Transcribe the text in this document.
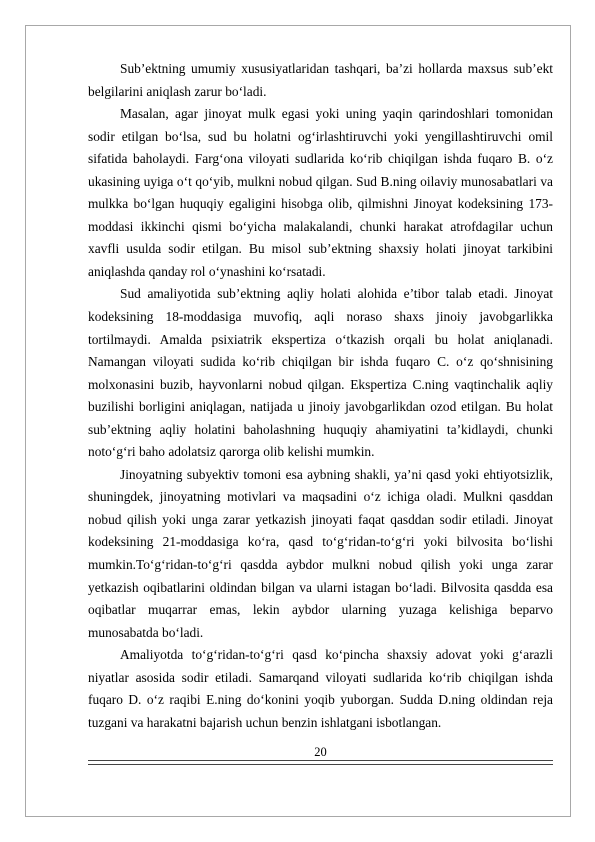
Sub’ektning umumiy xususiyatlaridan tashqari, ba’zi hollarda maxsus sub’ekt belgilarini aniqlash zarur bo‘ladi.

Masalan, agar jinoyat mulk egasi yoki uning yaqin qarindoshlari tomonidan sodir etilgan bo‘lsa, sud bu holatni og‘irlashtiruvchi yoki yengillashtiruvchi omil sifatida baholaydi. Farg‘ona viloyati sudlarida ko‘rib chiqilgan ishda fuqaro B. o‘z ukasining uyiga o‘t qo‘yib, mulkni nobud qilgan. Sud B.ning oilaviy munosabatlari va mulkka bo‘lgan huquqiy egaligini hisobga olib, qilmishni Jinoyat kodeksining 173-moddasi ikkinchi qismi bo‘yicha malakalandi, chunki harakat atrofdagilar uchun xavfli usulda sodir etilgan. Bu misol sub’ektning shaxsiy holati jinoyat tarkibini aniqlashda qanday rol o‘ynashini ko‘rsatadi.

Sud amaliyotida sub’ektning aqliy holati alohida e’tibor talab etadi. Jinoyat kodeksining 18-moddasiga muvofiq, aqli noraso shaxs jinoiy javobgarlikka tortilmaydi. Amalda psixiatrik ekspertiza o‘tkazish orqali bu holat aniqlanadi. Namangan viloyati sudida ko‘rib chiqilgan bir ishda fuqaro C. o‘z qo‘shnisining molxonasini buzib, hayvonlarni nobud qilgan. Ekspertiza C.ning vaqtinchalik aqliy buzilishi borligini aniqlagan, natijada u jinoiy javobgarlikdan ozod etilgan. Bu holat sub’ektning aqliy holatini baholashning huquqiy ahamiyatini ta’kidlaydi, chunki noto‘g‘ri baho adolatsiz qarorga olib kelishi mumkin.

Jinoyatning subyektiv tomoni esa aybning shakli, ya’ni qasd yoki ehtiyotsizlik, shuningdek, jinoyatning motivlari va maqsadini o‘z ichiga oladi. Mulkni qasddan nobud qilish yoki unga zarar yetkazish jinoyati faqat qasddan sodir etiladi. Jinoyat kodeksining 21-moddasiga ko‘ra, qasd to‘g‘ridan-to‘g‘ri yoki bilvosita bo‘lishi mumkin.To‘g‘ridan-to‘g‘ri qasdda aybdor mulkni nobud qilish yoki unga zarar yetkazish oqibatlarini oldindan bilgan va ularni istagan bo‘ladi. Bilvosita qasdda esa oqibatlar muqarrar emas, lekin aybdor ularning yuzaga kelishiga beparvo munosabatda bo‘ladi.

Amaliyotda to‘g‘ridan-to‘g‘ri qasd ko‘pincha shaxsiy adovat yoki g‘arazli niyatlar asosida sodir etiladi. Samarqand viloyati sudlarida ko‘rib chiqilgan ishda fuqaro D. o‘z raqibi E.ning do‘konini yoqib yuborgan. Sudda D.ning oldindan reja tuzgani va harakatni bajarish uchun benzin ishlatgani isbotlangan.

20
